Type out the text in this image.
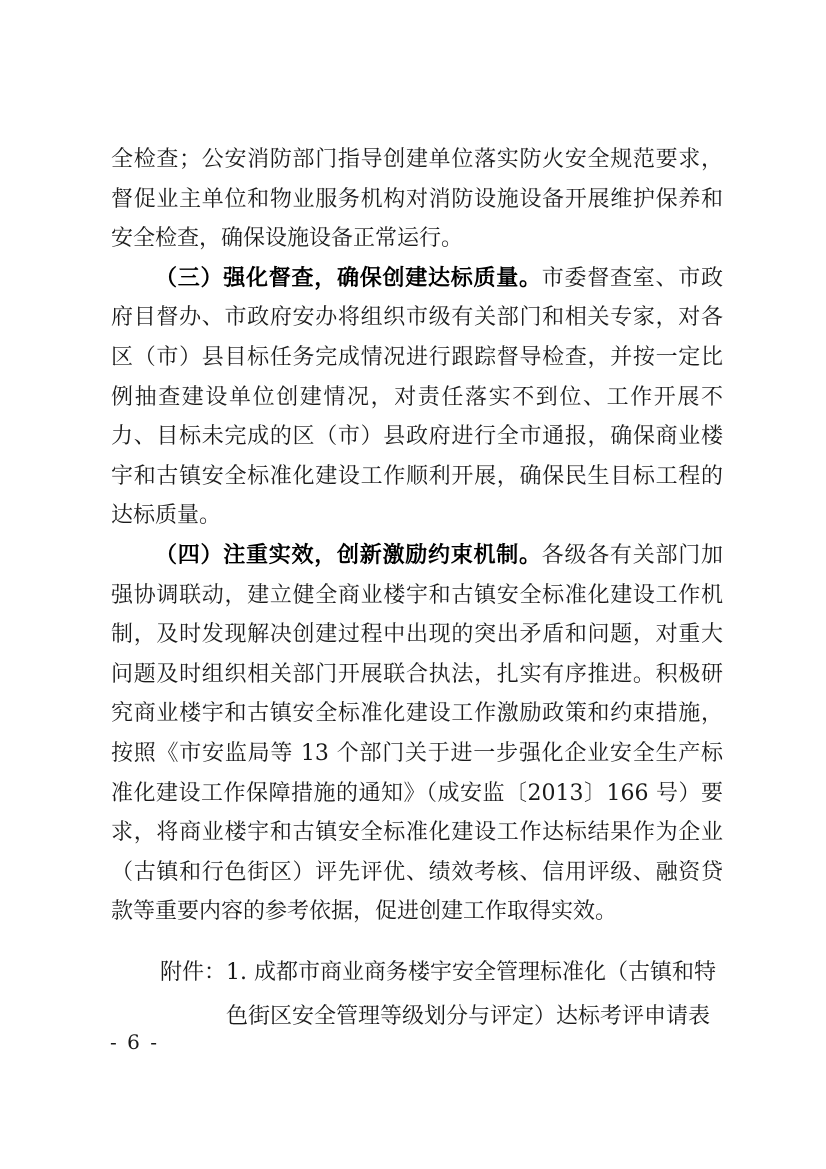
全检查；公安消防部门指导创建单位落实防火安全规范要求，督促业主单位和物业服务机构对消防设施设备开展维护保养和安全检查，确保设施设备正常运行。

（三）强化督查，确保创建达标质量。市委督查室、市政府目督办、市政府安办将组织市级有关部门和相关专家，对各区（市）县目标任务完成情况进行跟踪督导检查，并按一定比例抽查建设单位创建情况，对责任落实不到位、工作开展不力、目标未完成的区（市）县政府进行全市通报，确保商业楼宇和古镇安全标准化建设工作顺利开展，确保民生目标工程的达标质量。

（四）注重实效，创新激励约束机制。各级各有关部门加强协调联动，建立健全商业楼宇和古镇安全标准化建设工作机制，及时发现解决创建过程中出现的突出矛盾和问题，对重大问题及时组织相关部门开展联合执法，扎实有序推进。积极研究商业楼宇和古镇安全标准化建设工作激励政策和约束措施，按照《市安监局等 13 个部门关于进一步强化企业安全生产标准化建设工作保障措施的通知》（成安监〔2013〕166 号）要求，将商业楼宇和古镇安全标准化建设工作达标结果作为企业（古镇和行色街区）评先评优、绩效考核、信用评级、融资贷款等重要内容的参考依据，促进创建工作取得实效。

附件： 1. 成都市商业商务楼宇安全管理标准化（古镇和特
色街区安全管理等级划分与评定）达标考评申请表
- 6 -
